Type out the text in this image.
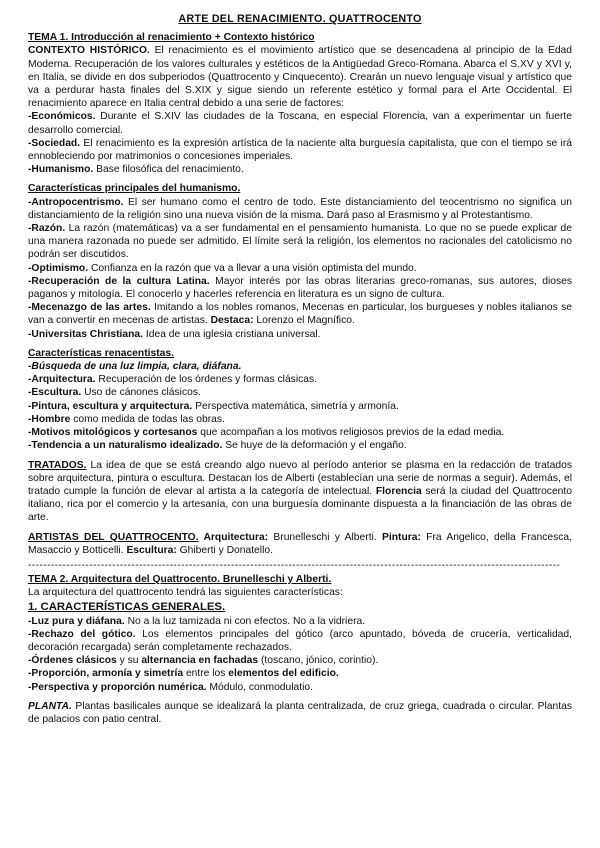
ARTE DEL RENACIMIENTO. QUATTROCENTO
TEMA 1. Introducción al renacimiento + Contexto histórico

CONTEXTO HISTÓRICO. El renacimiento es el movimiento artístico que se desencadena al principio de la Edad Moderna. Recuperación de los valores culturales y estéticos de la Antigüedad Greco-Romana. Abarca el S.XV y XVI y, en Italia, se divide en dos subperiodos (Quattrocento y Cinquecento). Crearán un nuevo lenguaje visual y artístico que va a perdurar hasta finales del S.XIX y sigue siendo un referente estético y formal para el Arte Occidental. El renacimiento aparece en Italia central debido a una serie de factores:

-Económicos. Durante el S.XIV las ciudades de la Toscana, en especial Florencia, van a experimentar un fuerte desarrollo comercial.

-Sociedad. El renacimiento es la expresión artística de la naciente alta burguesía capitalista, que con el tiempo se irá ennobleciendo por matrimonios o concesiones imperiales.

-Humanismo. Base filosófica del renacimiento.

Características principales del humanismo.

-Antropocentrismo. El ser humano como el centro de todo. Este distanciamiento del teocentrismo no significa un distanciamiento de la religión sino una nueva visión de la misma. Dará paso al Erasmismo y al Protestantismo.

-Razón. La razón (matemáticas) va a ser fundamental en el pensamiento humanista. Lo que no se puede explicar de una manera razonada no puede ser admitido. El límite será la religión, los elementos no racionales del catolicismo no podrán ser discutidos.

-Optimismo. Confianza en la razón que va a llevar a una visión optimista del mundo.

-Recuperación de la cultura Latina. Mayor interés por las obras literarias greco-romanas, sus autores, dioses paganos y mitología. El conocerlo y hacerles referencia en literatura es un signo de cultura.

-Mecenazgo de las artes. Imitando a los nobles romanos, Mecenas en particular, los burgueses y nobles italianos se van a convertir en mecenas de artistas. Destaca: Lorenzo el Magnífico.

-Universitas Christiana. Idea de una iglesia cristiana universal.

Características renacentistas.

-Búsqueda de una luz limpia, clara, diáfana.

-Arquitectura. Recuperación de los órdenes y formas clásicas.

-Escultura. Uso de cánones clásicos.

-Pintura, escultura y arquitectura. Perspectiva matemática, simetría y armonía.

-Hombre como medida de todas las obras.

-Motivos mitológicos y cortesanos que acompañan a los motivos religiosos previos de la edad media.

-Tendencia a un naturalismo idealizado. Se huye de la deformación y el engaño.

TRATADOS. La idea de que se está creando algo nuevo al período anterior se plasma en la redacción de tratados sobre arquitectura, pintura o escultura. Destacan los de Alberti (establecían una serie de normas a seguir). Además, el tratado cumple la función de elevar al artista a la categoría de intelectual. Florencia será la ciudad del Quattrocento italiano, rica por el comercio y la artesanía, con una burguesía dominante dispuesta a la financiación de las obras de arte.

ARTISTAS DEL QUATTROCENTO. Arquitectura: Brunelleschi y Alberti. Pintura: Fra Angelico, della Francesca, Masaccio y Botticelli. Escultura: Ghiberti y Donatello.

-------------------------------------------------------------------------------------------------------------------------------------------
TEMA 2. Arquitectura del Quattrocento. Brunelleschi y Alberti.

La arquitectura del quattrocento tendrá las siguientes características:

1. CARACTERÍSTICAS GENERALES.

-Luz pura y diáfana. No a la luz tamizada ni con efectos. No a la vidriera.

-Rechazo del gótico. Los elementos principales del gótico (arco apuntado, bóveda de crucería, verticalidad, decoración recargada) serán completamente rechazados.

-Órdenes clásicos y su alternancia en fachadas (toscano, jónico, corintio).

-Proporción, armonía y simetría entre los elementos del edificio.

-Perspectiva y proporción numérica. Módulo, conmodulatio.

PLANTA. Plantas basilicales aunque se idealizará la planta centralizada, de cruz griega, cuadrada o circular. Plantas de palacios con patio central.
